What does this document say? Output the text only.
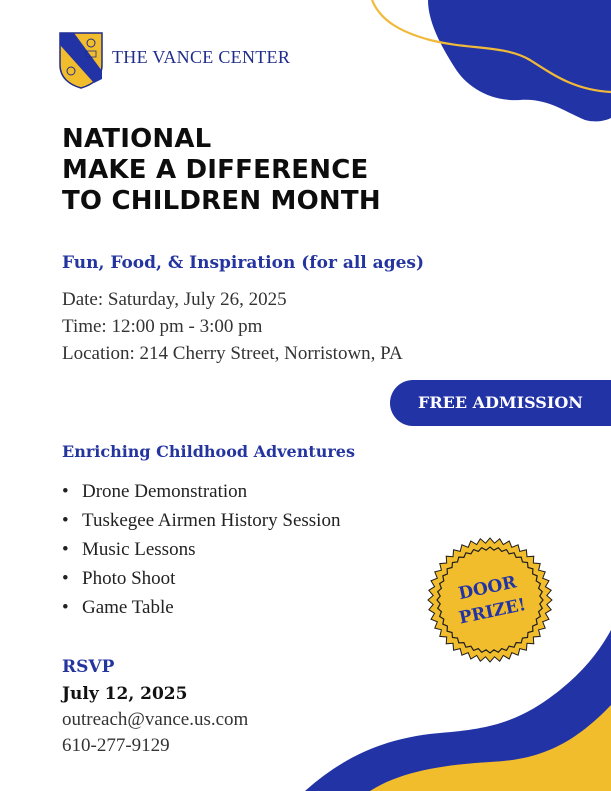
THE VANCE CENTER
NATIONAL
MAKE A DIFFERENCE
TO CHILDREN MONTH
Fun, Food, & Inspiration (for all ages)
Date: Saturday, July 26, 2025
Time: 12:00 pm - 3:00 pm
Location: 214 Cherry Street, Norristown, PA
FREE ADMISSION
Enriching Childhood Adventures
• Drone Demonstration
• Tuskegee Airmen History Session
• Music Lessons
• Photo Shoot
• Game Table
DOOR
PRIZE!
RSVP
July 12, 2025
outreach@vance.us.com
610-277-9129
